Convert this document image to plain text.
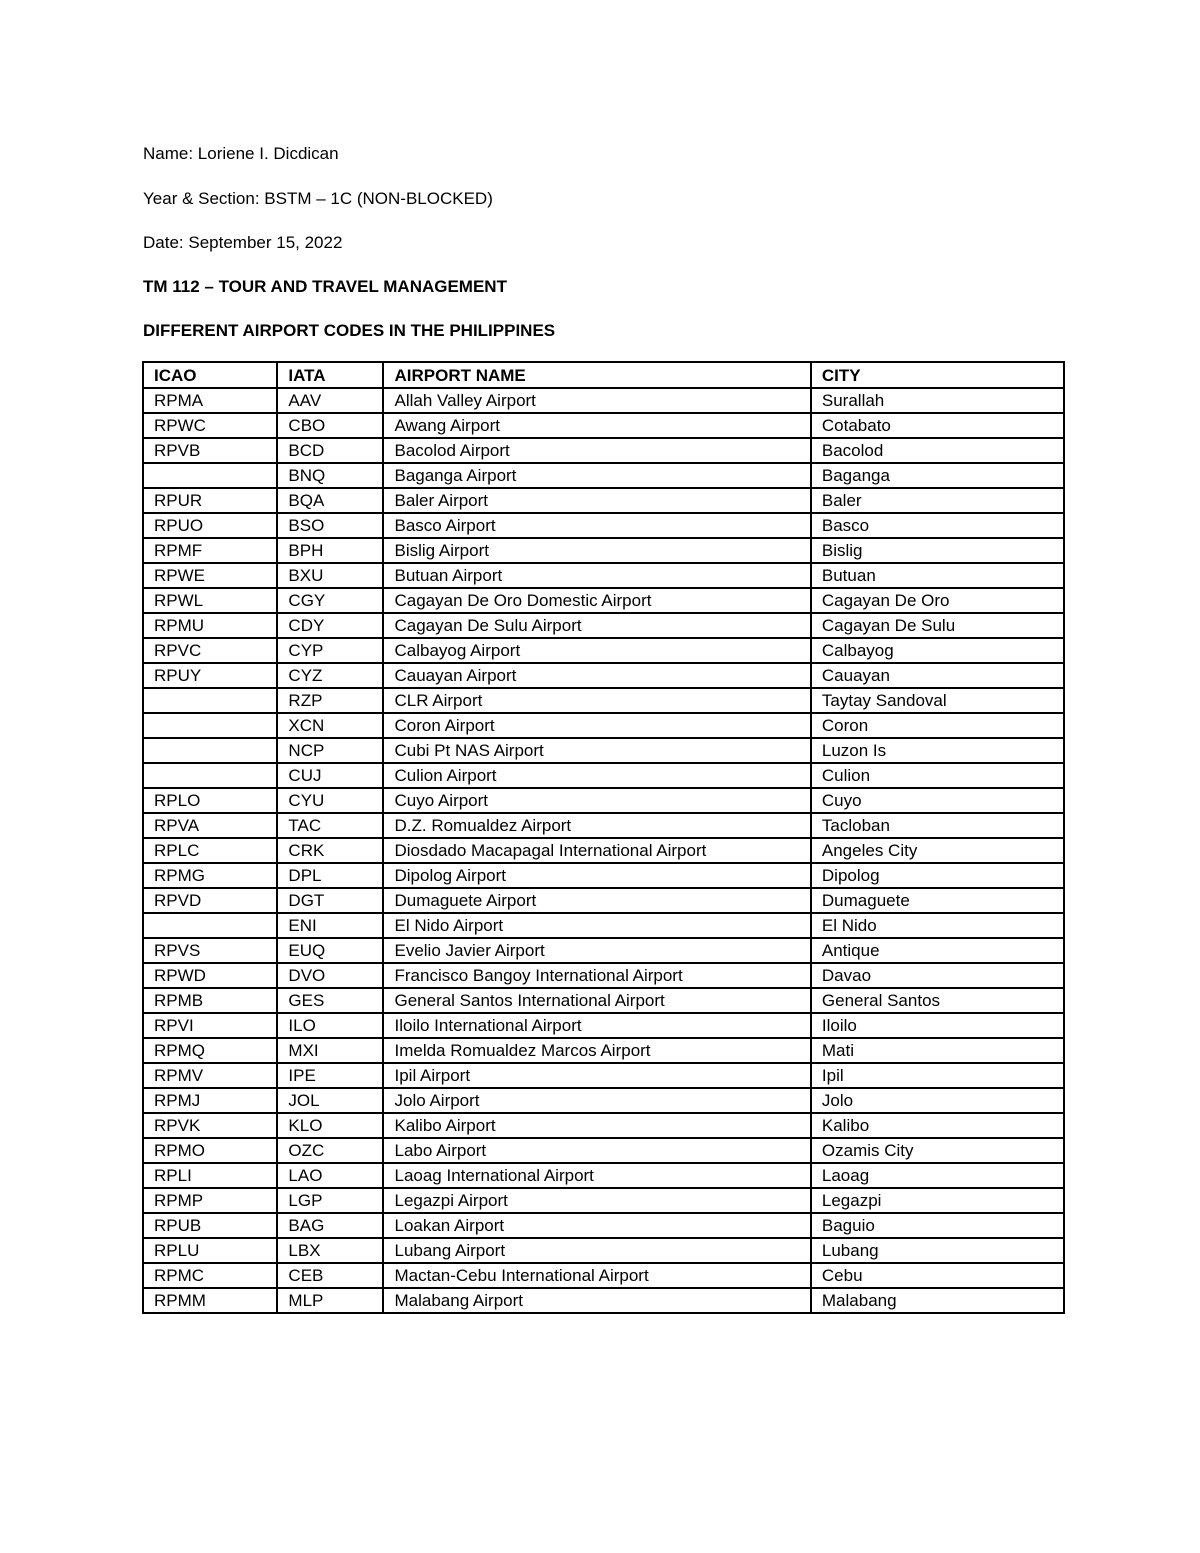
Name: Loriene I. Dicdican
Year & Section: BSTM – 1C (NON-BLOCKED)
Date: September 15, 2022
TM 112 – TOUR AND TRAVEL MANAGEMENT
DIFFERENT AIRPORT CODES IN THE PHILIPPINES
ICAO	IATA	AIRPORT NAME	CITY
RPMA	AAV	Allah Valley Airport	Surallah
RPWC	CBO	Awang Airport	Cotabato
RPVB	BCD	Bacolod Airport	Bacolod
	BNQ	Baganga Airport	Baganga
RPUR	BQA	Baler Airport	Baler
RPUO	BSO	Basco Airport	Basco
RPMF	BPH	Bislig Airport	Bislig
RPWE	BXU	Butuan Airport	Butuan
RPWL	CGY	Cagayan De Oro Domestic Airport	Cagayan De Oro
RPMU	CDY	Cagayan De Sulu Airport	Cagayan De Sulu
RPVC	CYP	Calbayog Airport	Calbayog
RPUY	CYZ	Cauayan Airport	Cauayan
	RZP	CLR Airport	Taytay Sandoval
	XCN	Coron Airport	Coron
	NCP	Cubi Pt NAS Airport	Luzon Is
	CUJ	Culion Airport	Culion
RPLO	CYU	Cuyo Airport	Cuyo
RPVA	TAC	D.Z. Romualdez Airport	Tacloban
RPLC	CRK	Diosdado Macapagal International Airport	Angeles City
RPMG	DPL	Dipolog Airport	Dipolog
RPVD	DGT	Dumaguete Airport	Dumaguete
	ENI	El Nido Airport	El Nido
RPVS	EUQ	Evelio Javier Airport	Antique
RPWD	DVO	Francisco Bangoy International Airport	Davao
RPMB	GES	General Santos International Airport	General Santos
RPVI	ILO	Iloilo International Airport	Iloilo
RPMQ	MXI	Imelda Romualdez Marcos Airport	Mati
RPMV	IPE	Ipil Airport	Ipil
RPMJ	JOL	Jolo Airport	Jolo
RPVK	KLO	Kalibo Airport	Kalibo
RPMO	OZC	Labo Airport	Ozamis City
RPLI	LAO	Laoag International Airport	Laoag
RPMP	LGP	Legazpi Airport	Legazpi
RPUB	BAG	Loakan Airport	Baguio
RPLU	LBX	Lubang Airport	Lubang
RPMC	CEB	Mactan-Cebu International Airport	Cebu
RPMM	MLP	Malabang Airport	Malabang
